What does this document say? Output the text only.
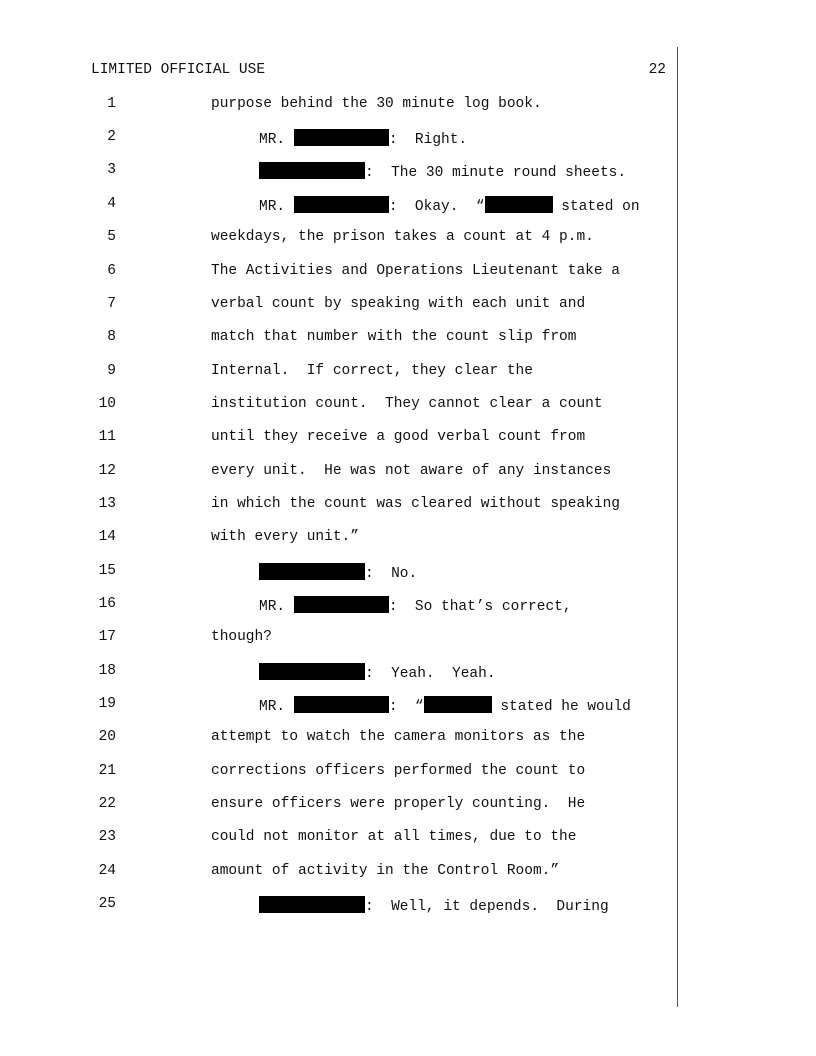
LIMITED OFFICIAL USE	22
1	purpose behind the 30 minute log book.
2	MR.	:  Right.
3	:  The 30 minute round sheets.
4	MR.	:  Okay.  “	stated on
5	weekdays, the prison takes a count at 4 p.m.
6	The Activities and Operations Lieutenant take a
7	verbal count by speaking with each unit and
8	match that number with the count slip from
9	Internal.  If correct, they clear the
10	institution count.  They cannot clear a count
11	until they receive a good verbal count from
12	every unit.  He was not aware of any instances
13	in which the count was cleared without speaking
14	with every unit.”
15	:  No.
16	MR.	:  So that’s correct,
17	though?
18	:  Yeah.  Yeah.
19	MR.	:  “	stated he would
20	attempt to watch the camera monitors as the
21	corrections officers performed the count to
22	ensure officers were properly counting.  He
23	could not monitor at all times, due to the
24	amount of activity in the Control Room.”
25	:  Well, it depends.  During
